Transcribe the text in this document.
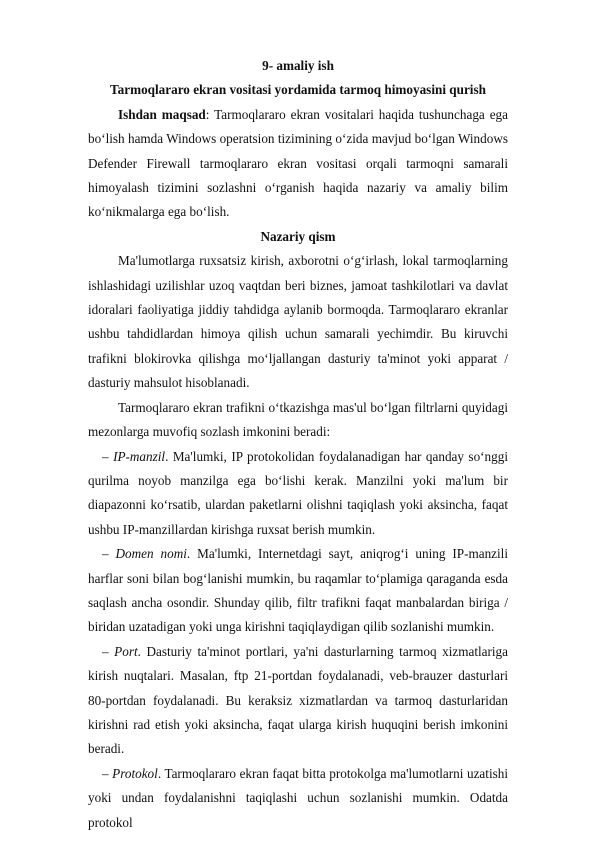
9- amaliy ish
Tarmoqlararo ekran vositasi yordamida tarmoq himoyasini qurish

Ishdan maqsad: Tarmoqlararo ekran vositalari haqida tushunchaga ega bo‘lish hamda Windows operatsion tizimining o‘zida mavjud bo‘lgan Windows Defender Firewall tarmoqlararo ekran vositasi orqali tarmoqni samarali himoyalash tizimini sozlashni o‘rganish haqida nazariy va amaliy bilim ko‘nikmalarga ega bo‘lish.

Nazariy qism

Ma'lumotlarga ruxsatsiz kirish, axborotni o‘g‘irlash, lokal tarmoqlarning ishlashidagi uzilishlar uzoq vaqtdan beri biznes, jamoat tashkilotlari va davlat idoralari faoliyatiga jiddiy tahdidga aylanib bormoqda. Tarmoqlararo ekranlar ushbu tahdidlardan himoya qilish uchun samarali yechimdir. Bu kiruvchi trafikni blokirovka qilishga mo‘ljallangan dasturiy ta'minot yoki apparat / dasturiy mahsulot hisoblanadi.

Tarmoqlararo ekran trafikni o‘tkazishga mas'ul bo‘lgan filtrlarni quyidagi mezonlarga muvofiq sozlash imkonini beradi:

– IP-manzil. Ma'lumki, IP protokolidan foydalanadigan har qanday so‘nggi qurilma noyob manzilga ega bo‘lishi kerak. Manzilni yoki ma'lum bir diapazonni ko‘rsatib, ulardan paketlarni olishni taqiqlash yoki aksincha, faqat ushbu IP-manzillardan kirishga ruxsat berish mumkin.

– Domen nomi. Ma'lumki, Internetdagi sayt, aniqrog‘i uning IP-manzili harflar soni bilan bog‘lanishi mumkin, bu raqamlar to‘plamiga qaraganda esda saqlash ancha osondir. Shunday qilib, filtr trafikni faqat manbalardan biriga / biridan uzatadigan yoki unga kirishni taqiqlaydigan qilib sozlanishi mumkin.

– Port. Dasturiy ta'minot portlari, ya'ni dasturlarning tarmoq xizmatlariga kirish nuqtalari. Masalan, ftp 21-portdan foydalanadi, veb-brauzer dasturlari 80-portdan foydalanadi. Bu keraksiz xizmatlardan va tarmoq dasturlaridan kirishni rad etish yoki aksincha, faqat ularga kirish huquqini berish imkonini beradi.

– Protokol. Tarmoqlararo ekran faqat bitta protokolga ma'lumotlarni uzatishi yoki undan foydalanishni taqiqlashi uchun sozlanishi mumkin. Odatda protokol
